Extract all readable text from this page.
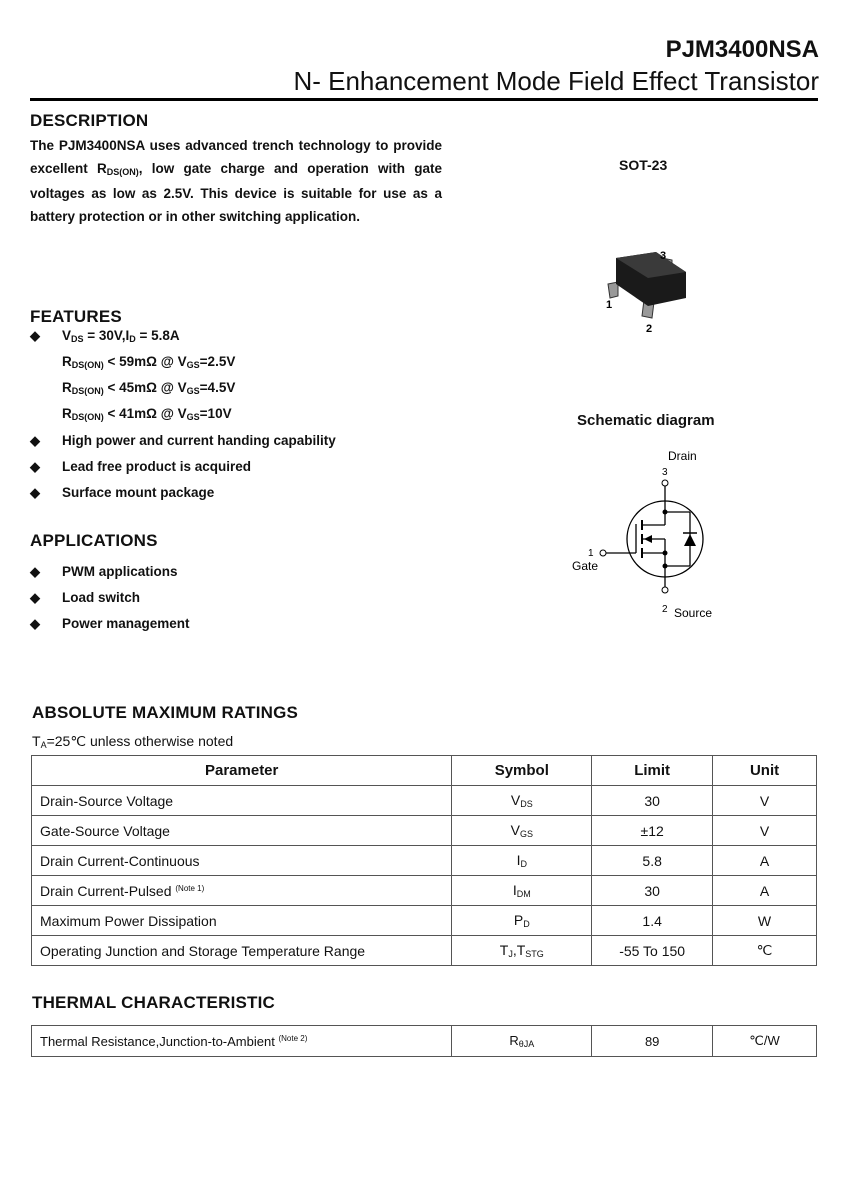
PJM3400NSA
N- Enhancement Mode Field Effect Transistor
DESCRIPTION
The PJM3400NSA uses advanced trench technology to provide excellent $R_{DS(ON)}$, low gate charge and operation with gate voltages as low as 2.5V. This device is suitable for use as a battery protection or in other switching application.
SOT-23
1
2
3
Schematic diagram
Drain
3
1
Gate
2 Source
FEATURES
◆ $V_{DS} = 30V,I_D = 5.8A$
$R_{DS(ON)} < 59m\Omega$ @ $V_{GS}=2.5V$
$R_{DS(ON)} < 45m\Omega$ @ $V_{GS}=4.5V$
$R_{DS(ON)} < 41m\Omega$ @ $V_{GS}=10V$
◆ High power and current handing capability
◆ Lead free product is acquired
◆ Surface mount package
APPLICATIONS
◆ PWM applications
◆ Load switch
◆ Power management
ABSOLUTE MAXIMUM RATINGS
$T_A=25℃$ unless otherwise noted
Parameter	Symbol	Limit	Unit
Drain-Source Voltage	$V_{DS}$	30	V
Gate-Source Voltage	$V_{GS}$	±12	V
Drain Current-Continuous	$I_D$	5.8	A
Drain Current-Pulsed $^{(Note 1)}$	$I_{DM}$	30	A
Maximum Power Dissipation	$P_D$	1.4	W
Operating Junction and Storage Temperature Range	$T_J,T_{STG}$	-55 To 150	℃
THERMAL CHARACTERISTIC
Thermal Resistance,Junction-to-Ambient $^{(Note 2)}$	$R_{\theta JA}$	89	℃/W
